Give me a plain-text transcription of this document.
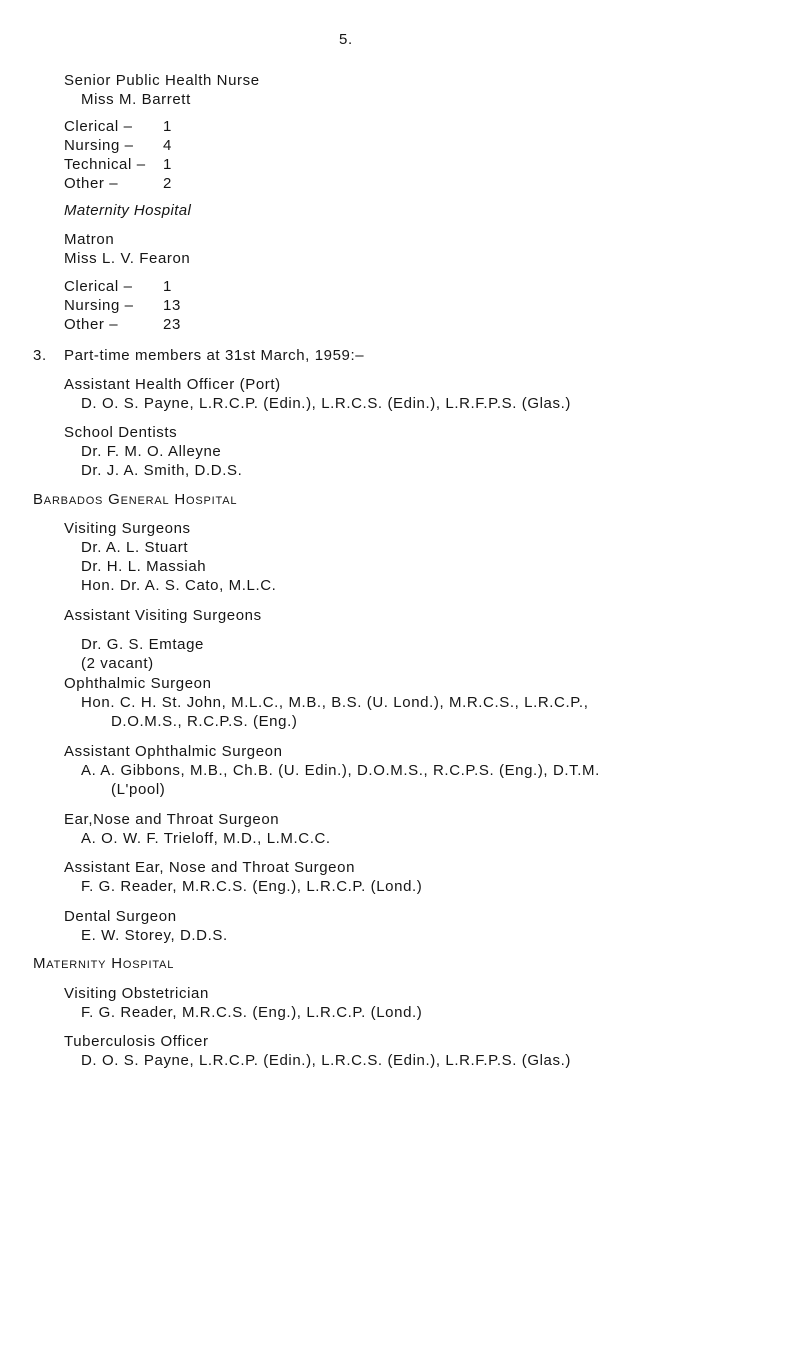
5.
Senior Public Health Nurse
Miss M. Barrett
Clerical – 1
Nursing – 4
Technical – 1
Other –	2
Maternity Hospital
Matron
Miss L. V. Fearon
Clerical – 1
Nursing – 13
Other –	23
3. Part-time members at 31st March, 1959:–
Assistant Health Officer (Port)
D. O. S. Payne, L.R.C.P. (Edin.), L.R.C.S. (Edin.), L.R.F.P.S. (Glas.)
School Dentists
Dr. F. M. O. Alleyne
Dr. J. A. Smith, D.D.S.
Barbados General Hospital
Visiting Surgeons
Dr. A. L. Stuart
Dr. H. L. Massiah
Hon. Dr. A. S. Cato, M.L.C.
Assistant Visiting Surgeons
Dr. G. S. Emtage
(2 vacant)
Ophthalmic Surgeon
Hon. C. H. St. John, M.L.C., M.B., B.S. (U. Lond.), M.R.C.S., L.R.C.P.,
D.O.M.S., R.C.P.S. (Eng.)
Assistant Ophthalmic Surgeon
A. A. Gibbons, M.B., Ch.B. (U. Edin.), D.O.M.S., R.C.P.S. (Eng.), D.T.M.
(L'pool)
Ear,Nose and Throat Surgeon
A. O. W. F. Trieloff, M.D., L.M.C.C.
Assistant Ear, Nose and Throat Surgeon
F. G. Reader, M.R.C.S. (Eng.), L.R.C.P. (Lond.)
Dental Surgeon
E. W. Storey, D.D.S.
Maternity Hospital
Visiting Obstetrician
F. G. Reader, M.R.C.S. (Eng.), L.R.C.P. (Lond.)
Tuberculosis Officer
D. O. S. Payne, L.R.C.P. (Edin.), L.R.C.S. (Edin.), L.R.F.P.S. (Glas.)
